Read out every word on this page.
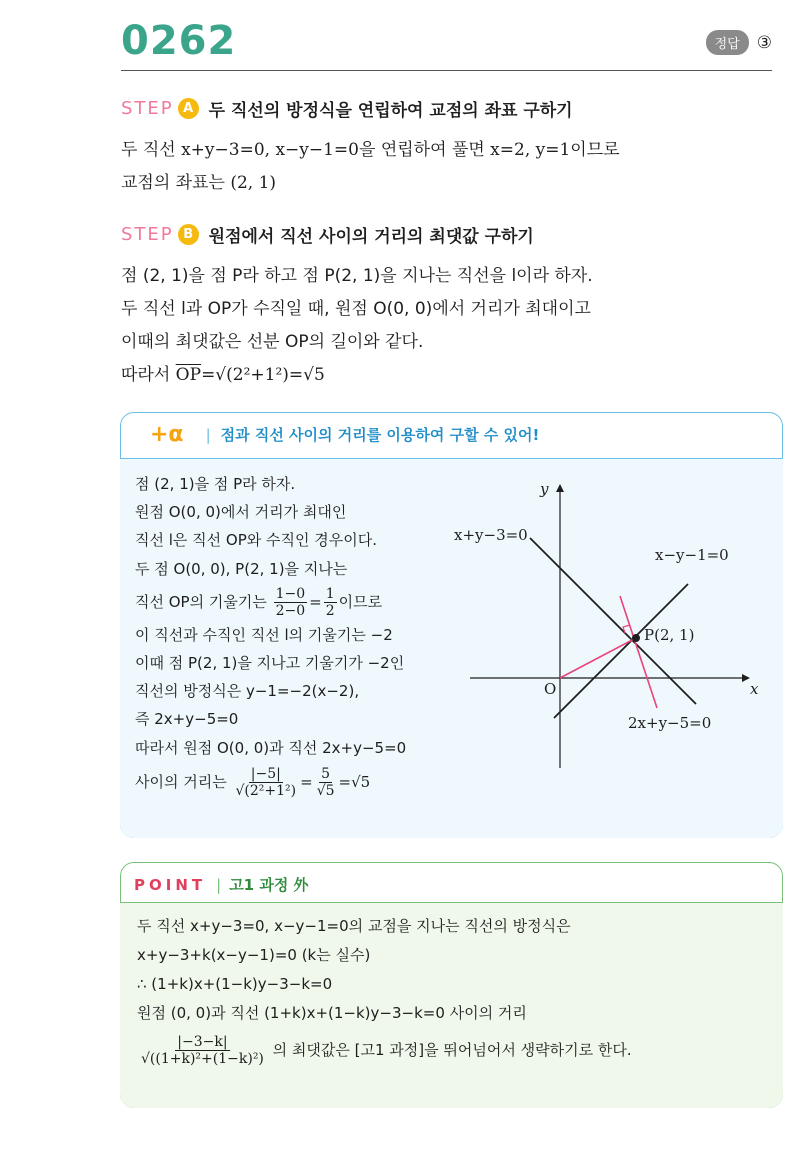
0262	정답	③
STEP A 두 직선의 방정식을 연립하여 교점의 좌표 구하기
두 직선 x+y−3=0, x−y−1=0을 연립하여 풀면 x=2, y=1이므로
교점의 좌표는 (2, 1)
STEP B 원점에서 직선 사이의 거리의 최댓값 구하기
점 (2, 1)을 점 P라 하고 점 P(2, 1)을 지나는 직선을 l이라 하자.
두 직선 l과 OP가 수직일 때, 원점 O(0, 0)에서 거리가 최대이고
이때의 최댓값은 선분 OP의 길이와 같다.
따라서 $\overline{OP}=√(2^2+1^2)=√5$
+α | 점과 직선 사이의 거리를 이용하여 구할 수 있어!
점 (2, 1)을 점 P라 하자.
원점 O(0, 0)에서 거리가 최대인
직선 l은 직선 OP와 수직인 경우이다.
두 점 O(0, 0), P(2, 1)을 지나는
직선 OP의 기울기는 $\frac{1-0}{2-0} = \frac{1}{2}$ 이므로
이 직선과 수직인 직선 l의 기울기는 −2
이때 점 P(2, 1)을 지나고 기울기가 −2인
직선의 방정식은 y−1=−2(x−2),
즉 2x+y−5=0
따라서 원점 O(0, 0)과 직선 2x+y−5=0
사이의 거리는 $\frac{|-5|}{\text{√(2²+1²)}} = \frac{5}{√5} =√5$
x
y
O
P(2, 1)
x+y−3=0
x−y−1=0
2x+y−5=0
POINT | 고1 과정 外
두 직선 x+y−3=0, x−y−1=0의 교점을 지나는 직선의 방정식은
x+y−3+k(x−y−1)=0 (k는 실수)
∴ (1+k)x+(1−k)y−3−k=0
원점 (0, 0)과 직선 (1+k)x+(1−k)y−3−k=0 사이의 거리
$\frac{|-3-k|}{\text{√((1+k)²+(1−k)²)}}$ 의 최댓값은 [고1 과정]을 뛰어넘어서 생략하기로 한다.
